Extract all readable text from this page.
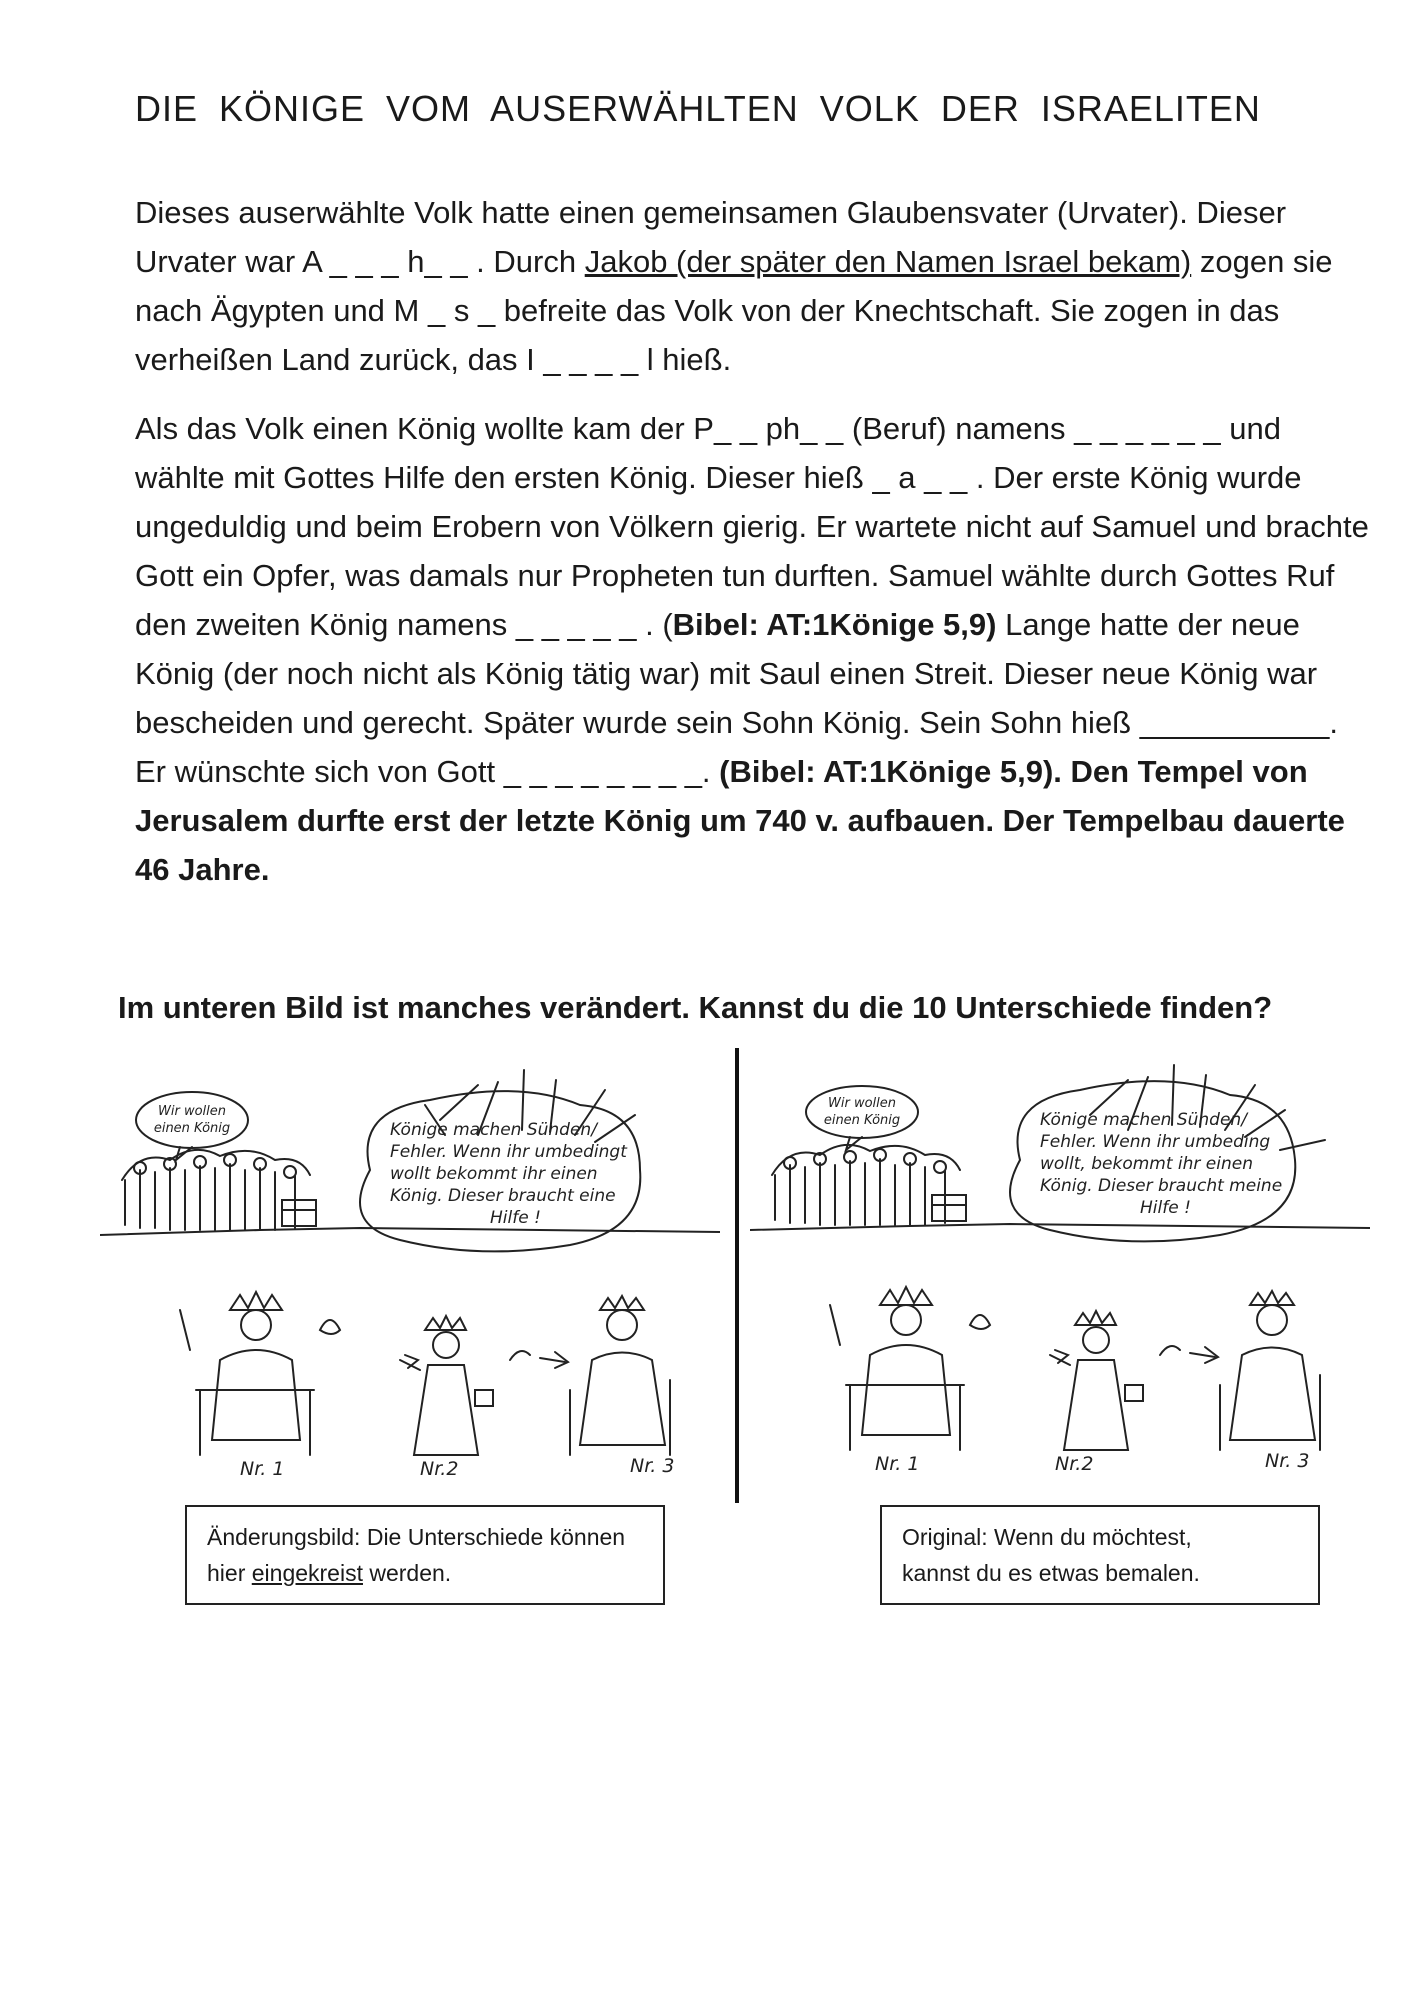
DIE KÖNIGE VOM AUSERWÄHLTEN VOLK DER ISRAELITEN
Dieses auserwählte Volk hatte einen gemeinsamen Glaubensvater (Urvater). Dieser Urvater war A _ _ _ h_ _ . Durch Jakob (der später den Namen Israel bekam) zogen sie nach Ägypten und M _ s _ befreite das Volk von der Knechtschaft. Sie zogen in das verheißen Land zurück, das I _ _ _ _ l hieß.
Als das Volk einen König wollte kam der P_ _ ph_ _ (Beruf) namens _ _ _ _ _ _ und wählte mit Gottes Hilfe den ersten König. Dieser hieß _ a _ _ . Der erste König wurde ungeduldig und beim Erobern von Völkern gierig. Er wartete nicht auf Samuel und brachte Gott ein Opfer, was damals nur Propheten tun durften. Samuel wählte durch Gottes Ruf den zweiten König namens _ _ _ _ _ . (Bibel: AT:1Könige 5,9) Lange hatte der neue König (der noch nicht als König tätig war) mit Saul einen Streit. Dieser neue König war bescheiden und gerecht. Später wurde sein Sohn König. Sein Sohn hieß ___________. Er wünschte sich von Gott _ _ _ _ _ _ _ _. (Bibel: AT:1Könige 5,9). Den Tempel von Jerusalem durfte erst der letzte König um 740 v. aufbauen. Der Tempelbau dauerte 46 Jahre.
Im unteren Bild ist manches verändert. Kannst du die 10 Unterschiede finden?
Wir wollen
einen König	Könige machen Sünden/
Fehler. Wenn ihr umbedingt
wollt bekommt ihr einen
König. Dieser braucht eine
Hilfe !
Nr. 1	Nr.2	Nr. 3
Wir wollen
einen König	Könige machen Sünden/
Fehler. Wenn ihr umbeding
wollt, bekommt ihr einen
König. Dieser braucht meine
Hilfe !
Nr. 1	Nr.2	Nr. 3
Änderungsbild: Die Unterschiede können
hier eingekreist werden.
Original: Wenn du möchtest,
kannst du es etwas bemalen.
